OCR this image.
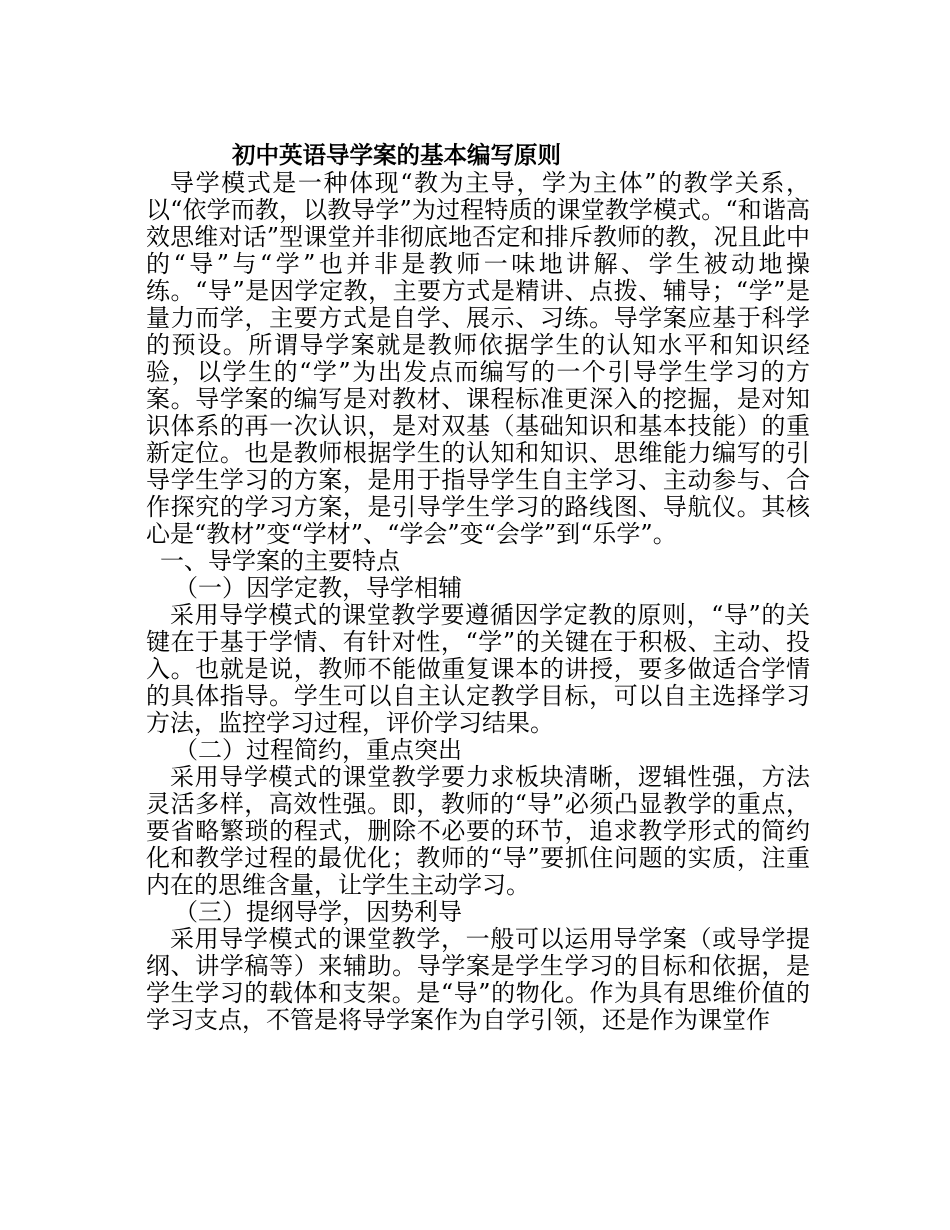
初中英语导学案的基本编写原则

导学模式是一种体现“教为主导，学为主体”的教学关系，以“依学而教，以教导学”为过程特质的课堂教学模式。“和谐高效思维对话”型课堂并非彻底地否定和排斥教师的教，况且此中的“导”与“学”也并非是教师一味地讲解、学生被动地操练。“导”是因学定教，主要方式是精讲、点拨、辅导；“学”是量力而学，主要方式是自学、展示、习练。导学案应基于科学的预设。所谓导学案就是教师依据学生的认知水平和知识经验，以学生的“学”为出发点而编写的一个引导学生学习的方案。导学案的编写是对教材、课程标准更深入的挖掘，是对知识体系的再一次认识，是对双基（基础知识和基本技能）的重新定位。也是教师根据学生的认知和知识、思维能力编写的引导学生学习的方案，是用于指导学生自主学习、主动参与、合作探究的学习方案，是引导学生学习的路线图、导航仪。其核心是“教材”变“学材”、“学会”变“会学”到“乐学”。

一、导学案的主要特点

（一）因学定教，导学相辅

采用导学模式的课堂教学要遵循因学定教的原则，“导”的关键在于基于学情、有针对性，“学”的关键在于积极、主动、投入。也就是说，教师不能做重复课本的讲授，要多做适合学情的具体指导。学生可以自主认定教学目标，可以自主选择学习方法，监控学习过程，评价学习结果。

（二）过程简约，重点突出

采用导学模式的课堂教学要力求板块清晰，逻辑性强，方法灵活多样，高效性强。即，教师的“导”必须凸显教学的重点，要省略繁琐的程式，删除不必要的环节，追求教学形式的简约化和教学过程的最优化；教师的“导”要抓住问题的实质，注重内在的思维含量，让学生主动学习。

（三）提纲导学，因势利导

采用导学模式的课堂教学，一般可以运用导学案（或导学提纲、讲学稿等）来辅助。导学案是学生学习的目标和依据，是学生学习的载体和支架。是“导”的物化。作为具有思维价值的学习支点，不管是将导学案作为自学引领，还是作为课堂作
